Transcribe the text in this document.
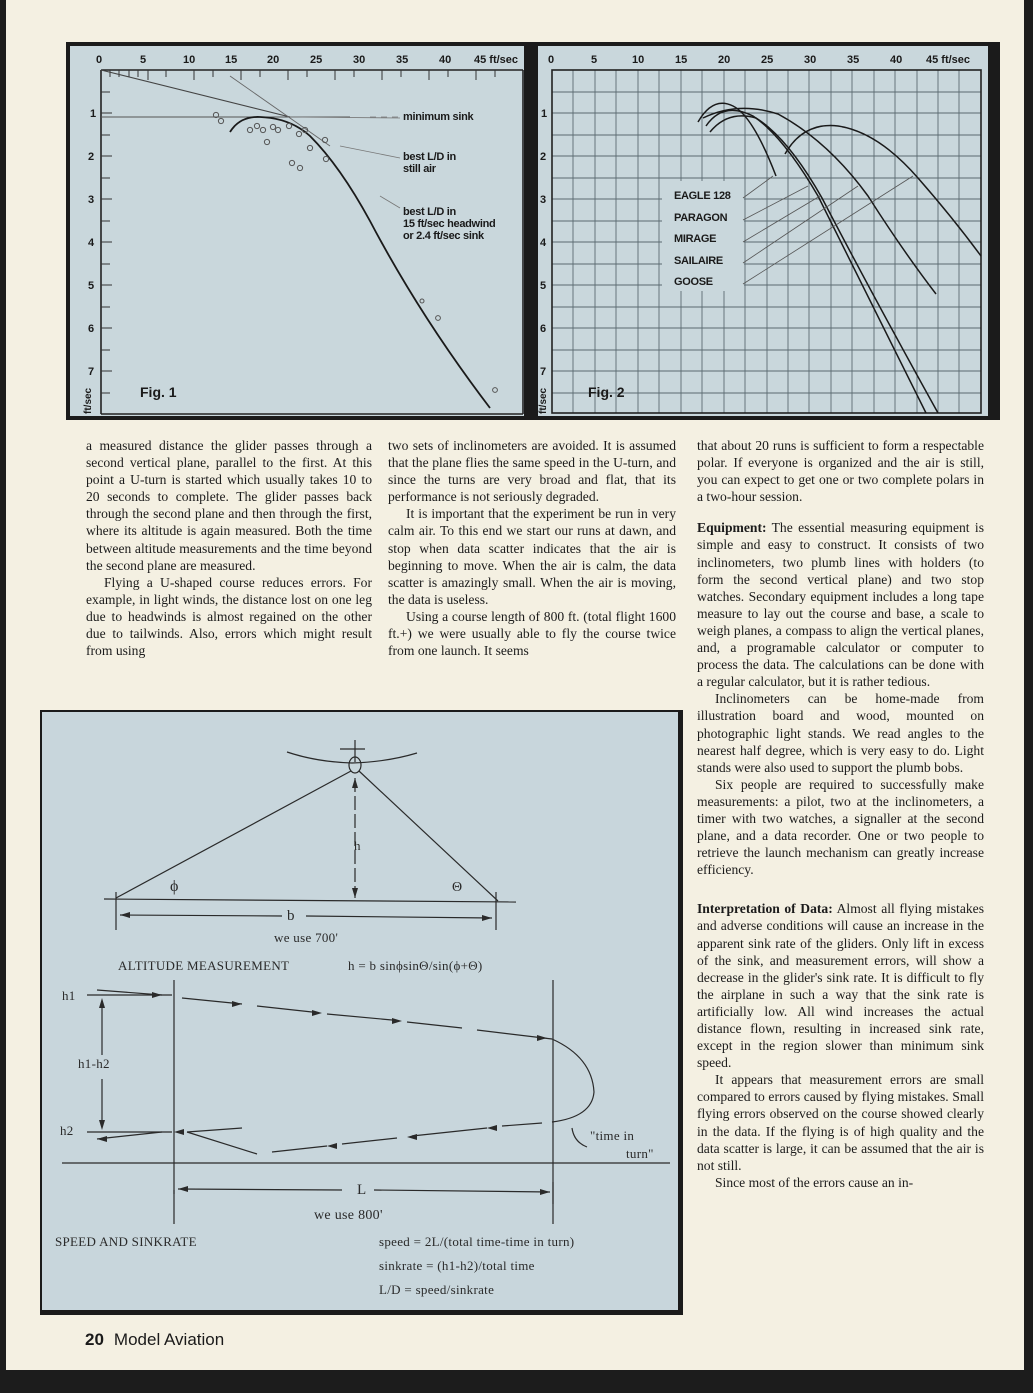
0	5	10	15	20	25	30	35	40 45 ft/sec
1
2
3
4
5
6
7
ft/sec
minimum sink
best L/D in
still air
best L/D in
15 ft/sec headwind
or 2.4 ft/sec sink
Fig. 1
0	5	10	15	20	25	30	35	40 45 ft/sec
1
2
3
4
5
6
7
ft/sec
EAGLE 128
PARAGON
MIRAGE
SAILAIRE
GOOSE
Fig. 2

a measured distance the glider passes through a second vertical plane, parallel to the first. At this point a U-turn is started which usually takes 10 to 20 seconds to complete. The glider passes back through the second plane and then through the first, where its altitude is again measured. Both the time between altitude measurements and the time beyond the second plane are measured.

Flying a U-shaped course reduces errors. For example, in light winds, the distance lost on one leg due to headwinds is almost regained on the other due to tailwinds. Also, errors which might result from using

two sets of inclinometers are avoided. It is assumed that the plane flies the same speed in the U-turn, and since the turns are very broad and flat, that its performance is not seriously degraded.

It is important that the experiment be run in very calm air. To this end we start our runs at dawn, and stop when data scatter indicates that the air is beginning to move. When the air is calm, the data scatter is amazingly small. When the air is moving, the data is useless.

Using a course length of 800 ft. (total flight 1600 ft.+) we were usually able to fly the course twice from one launch. It seems

that about 20 runs is sufficient to form a respectable polar. If everyone is organized and the air is still, you can expect to get one or two complete polars in a two-hour session.

Equipment: The essential measuring equipment is simple and easy to construct. It consists of two inclinometers, two plumb lines with holders (to form the second vertical plane) and two stop watches. Secondary equipment includes a long tape measure to lay out the course and base, a scale to weigh planes, a compass to align the vertical planes, and, a programable calculator or computer to process the data. The calculations can be done with a regular calculator, but it is rather tedious.

Inclinometers can be home-made from illustration board and wood, mounted on photographic light stands. We read angles to the nearest half degree, which is very easy to do. Light stands were also used to support the plumb bobs.

Six people are required to successfully make measurements: a pilot, two at the inclinometers, a timer with two watches, a signaller at the second plane, and a data recorder. One or two people to retrieve the launch mechanism can greatly increase efficiency.

Interpretation of Data: Almost all flying mistakes and adverse conditions will cause an increase in the apparent sink rate of the gliders. Only lift in excess of the sink, and measurement errors, will show a decrease in the glider's sink rate. It is difficult to fly the airplane in such a way that the sink rate is artificially low. All wind increases the actual distance flown, resulting in increased sink rate, except in the region slower than minimum sink speed.

It appears that measurement errors are small compared to errors caused by flying mistakes. Small flying errors observed on the course showed clearly in the data. If the flying is of high quality and the data scatter is large, it can be assumed that the air is not still.

Since most of the errors cause an in-

ϕ	Θ
h
b
we use 700'
ALTITUDE MEASUREMENT	h = b sinϕsinΘ/sin(ϕ+Θ)
h1
h1-h2
h2	"time in
turn"
L
we use 800'
SPEED AND SINKRATE	speed = 2L/(total time-time in turn)
sinkrate = (h1-h2)/total time
L/D = speed/sinkrate
20 Model Aviation
